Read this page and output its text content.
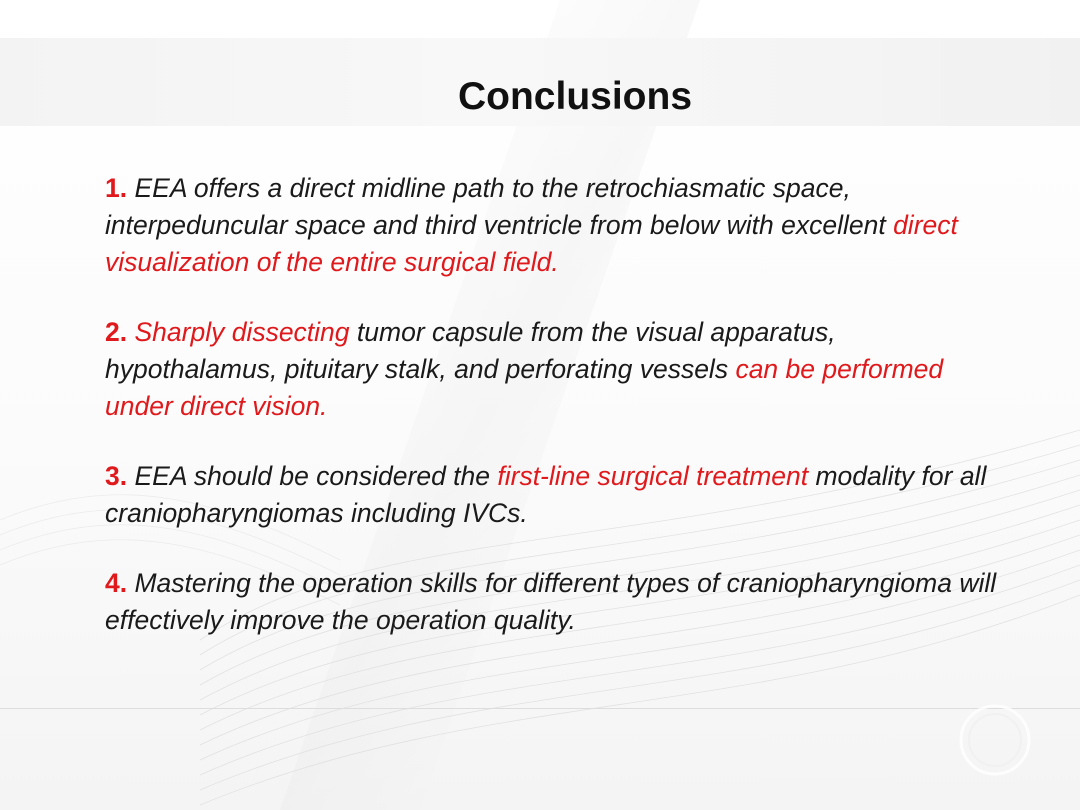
Conclusions

1. EEA offers a direct midline path to the retrochiasmatic space, interpeduncular space and third ventricle from below with excellent direct visualization of the entire surgical field.

2. Sharply dissecting tumor capsule from the visual apparatus, hypothalamus, pituitary stalk, and perforating vessels can be performed under direct vision.

3. EEA should be considered the first-line surgical treatment modality for all craniopharyngiomas including IVCs.

4. Mastering the operation skills for different types of craniopharyngioma will effectively improve the operation quality.
